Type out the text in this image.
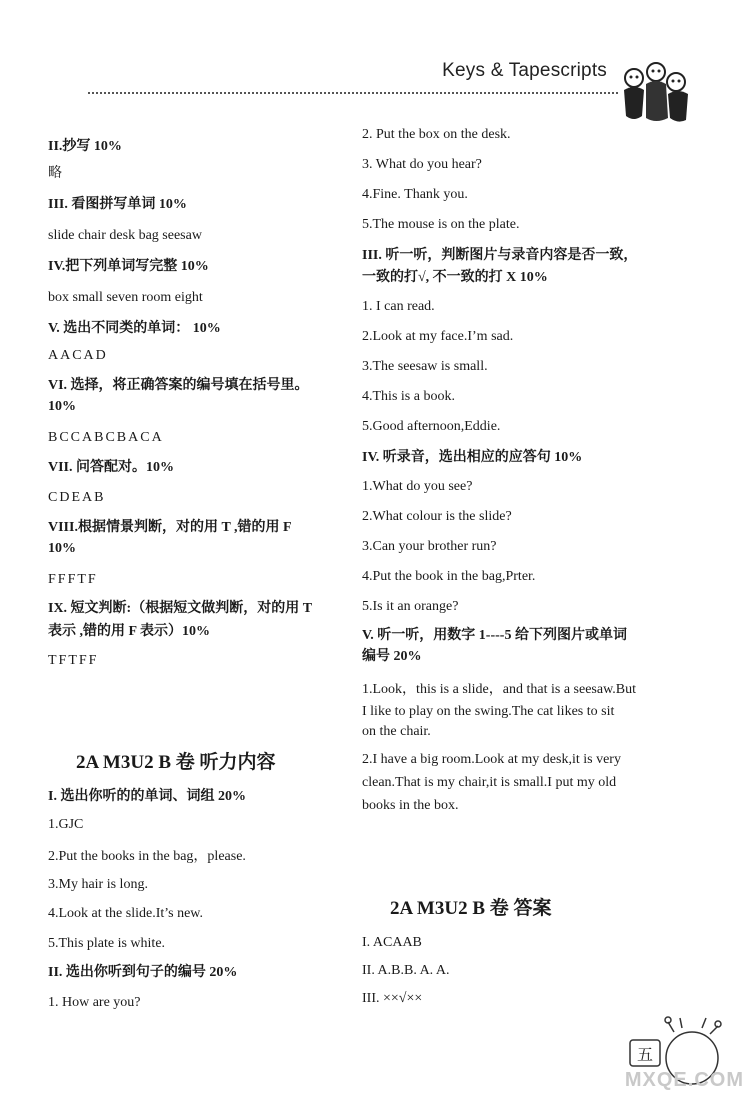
Keys & Tapescripts
II.抄写 10%
略
III. 看图拼写单词 10%
slide chair desk bag seesaw
IV.把下列单词写完整 10%
box small seven room eight
V. 选出不同类的单词： 10%
AACAD
VI. 选择，将正确答案的编号填在括号里。
10%
BCCABCBACA
VII. 问答配对。10%
CDEAB
VIII.根据情景判断，对的用 T ,错的用 F
10%
FFFTF
IX. 短文判断:（根据短文做判断，对的用 T
表示 ,错的用 F 表示）10%
TFTFF
2A M3U2 B 卷 听力内容
I. 选出你听的的单词、词组 20%
1.GJC
2.Put the books in the bag，please.
3.My hair is long.
4.Look at the slide.It’s new.
5.This plate is white.
II. 选出你听到句子的编号 20%
1. How are you?
2. Put the box on the desk.
3. What do you hear?
4.Fine. Thank you.
5.The mouse is on the plate.
III. 听一听，判断图片与录音内容是否一致，
一致的打√, 不一致的打 X 10%
1. I can read.
2.Look at my face.I’m sad.
3.The seesaw is small.
4.This is a book.
5.Good afternoon,Eddie.
IV. 听录音，选出相应的应答句 10%
1.What do you see?
2.What colour is the slide?
3.Can your brother run?
4.Put the book in the bag,Prter.
5.Is it an orange?
V. 听一听，用数字 1----5 给下列图片或单词
编号 20%
1.Look，this is a slide，and that is a seesaw.But
I like to play on the swing.The cat likes to sit
on the chair.
2.I have a big room.Look at my desk,it is very
clean.That is my chair,it is small.I put my old
books in the box.
2A M3U2 B 卷 答案
I. ACAAB
II. A.B.B. A. A.
III. ××√××
五
MXQE.COM
